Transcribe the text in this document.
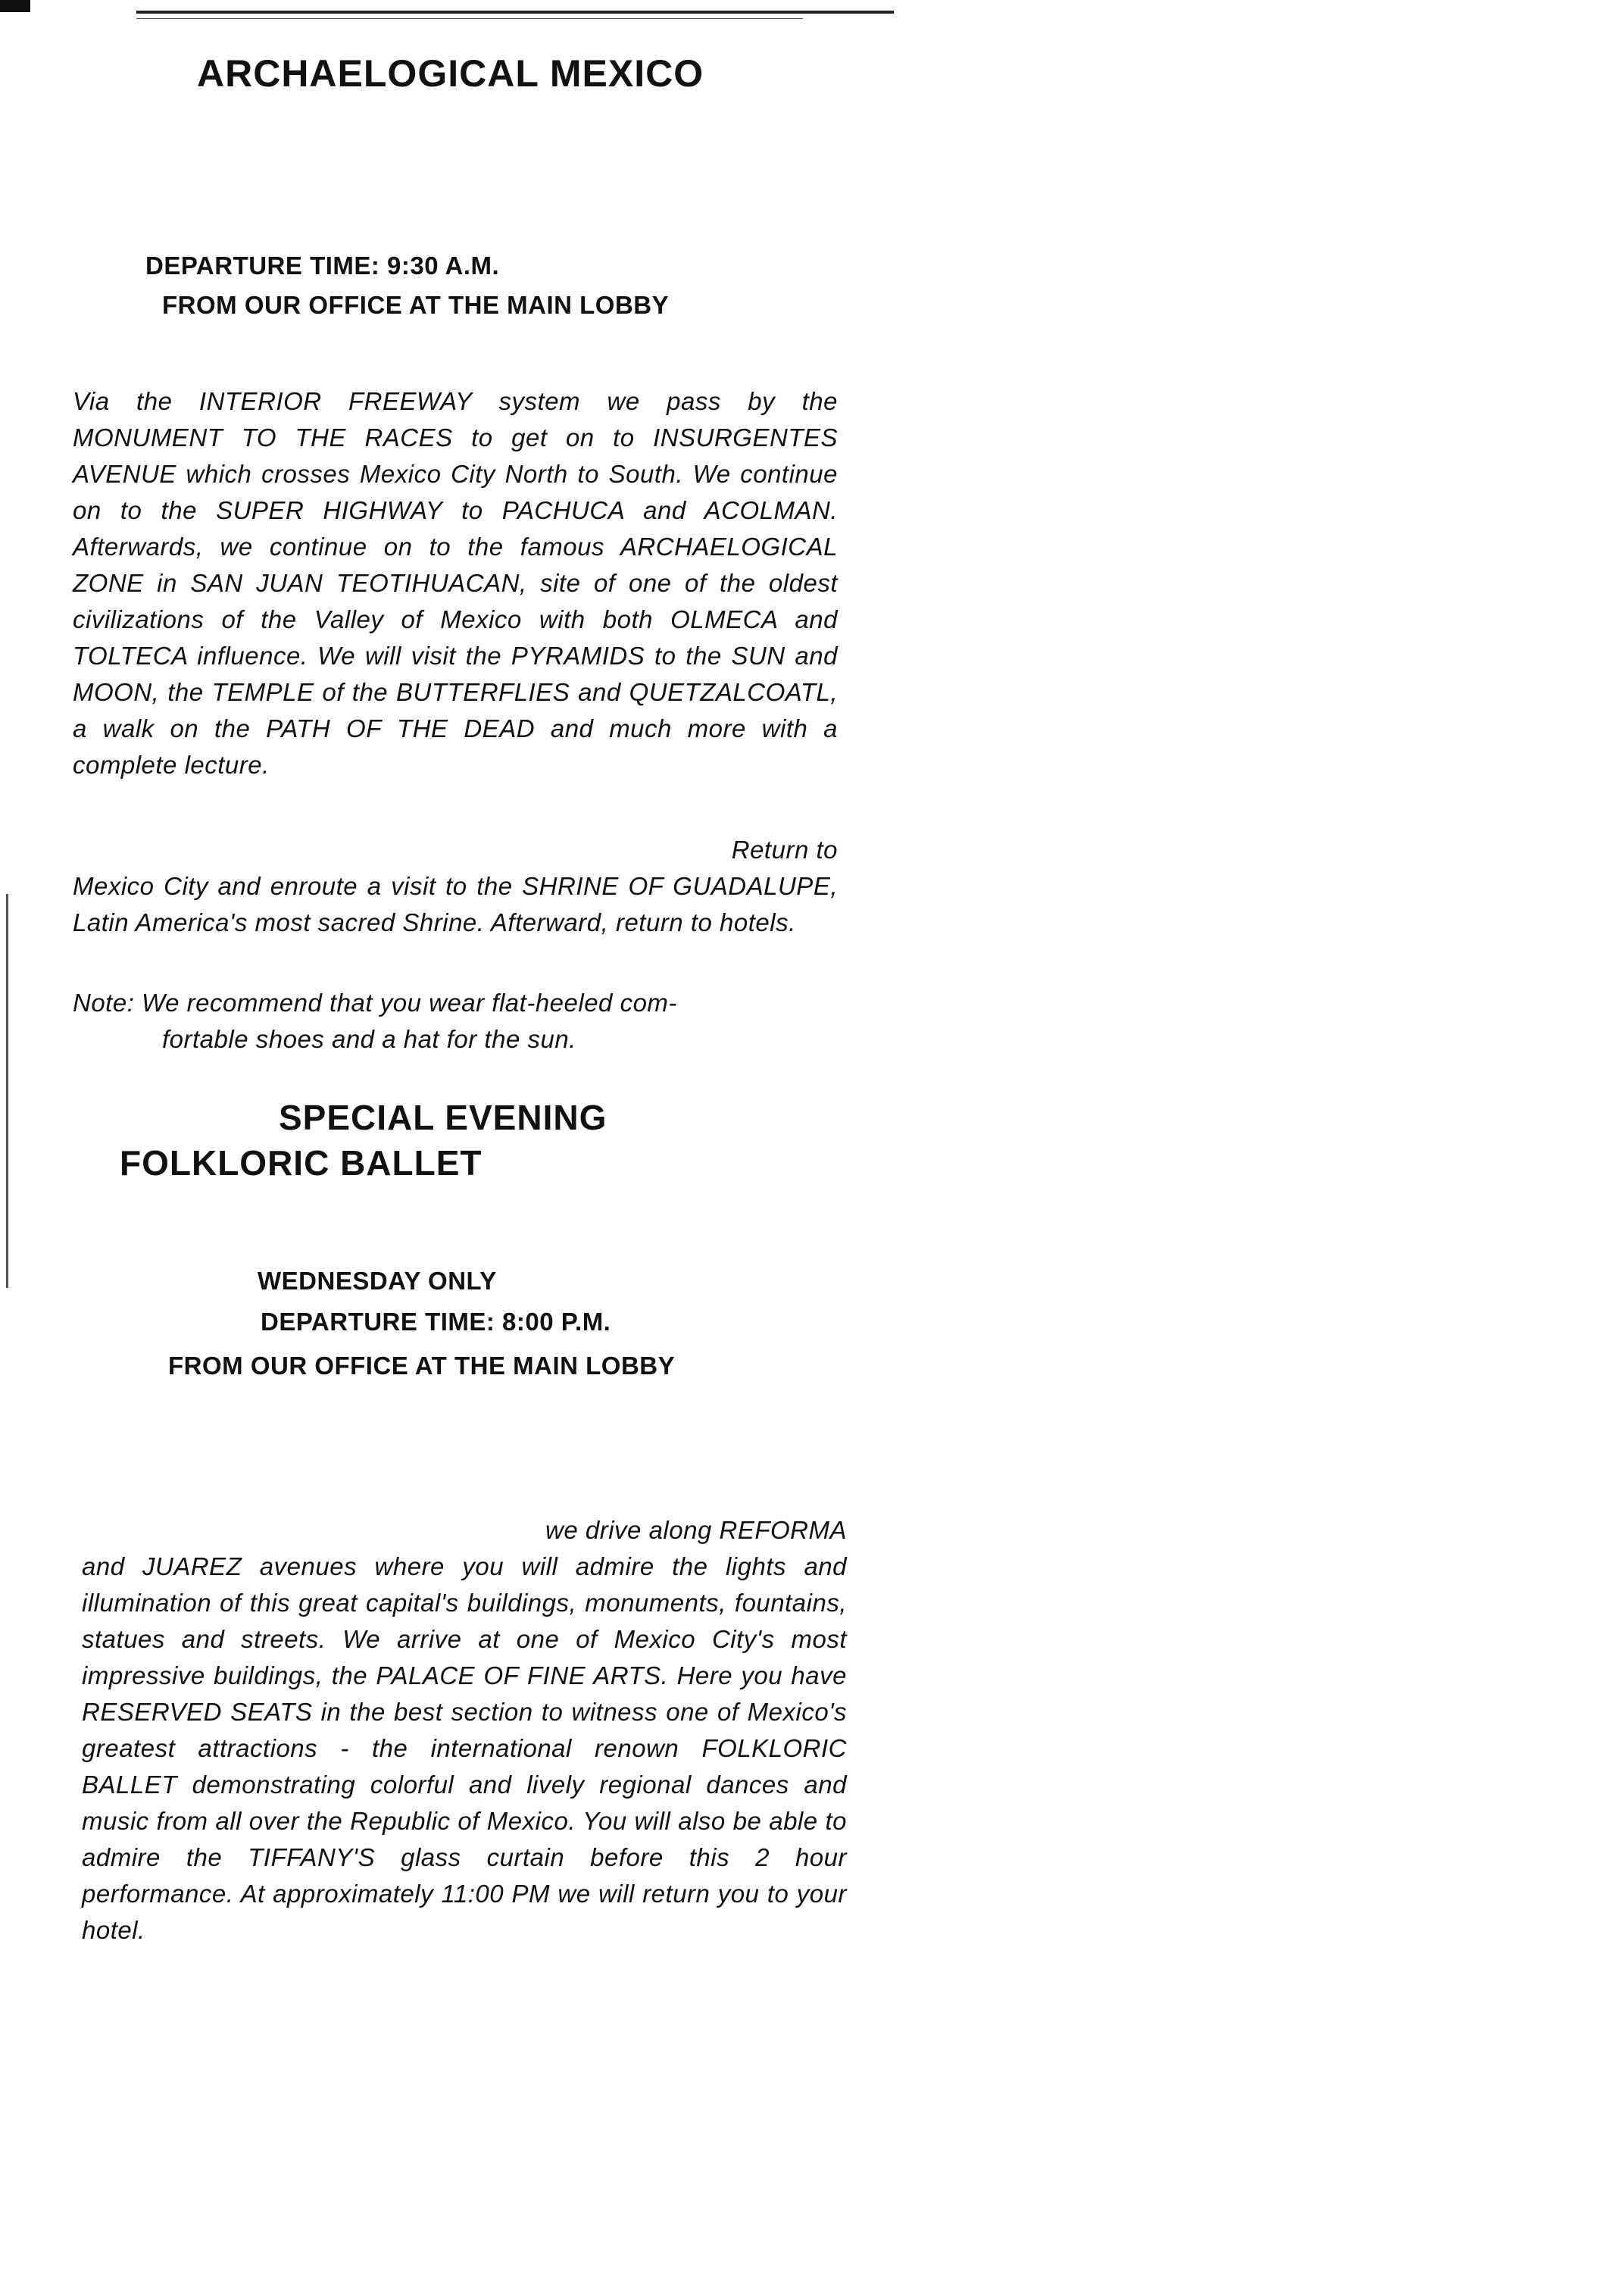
ARCHAELOGICAL MEXICO

DEPARTURE TIME: 9:30 A.M.

FROM OUR OFFICE AT THE MAIN LOBBY

Via the INTERIOR FREEWAY system we pass by the MONUMENT TO THE RACES to get on to INSURGENTES AVENUE which crosses Mexico City North to South. We continue on to the SUPER HIGHWAY to PACHUCA and ACOLMAN. Afterwards, we continue on to the famous ARCHAELOGICAL ZONE in SAN JUAN TEOTIHUACAN, site of one of the oldest civilizations of the Valley of Mexico with both OLMECA and TOLTECA influence. We will visit the PYRAMIDS to the SUN and MOON, the TEMPLE of the BUTTERFLIES and QUETZALCOATL, a walk on the PATH OF THE DEAD and much more with a complete lecture.

Return to
Mexico City and enroute a visit to the SHRINE OF GUADALUPE, Latin America's most sacred Shrine. Afterward, return to hotels.

Note: We recommend that you wear flat-heeled com-
fortable shoes and a hat for the sun.

SPECIAL EVENING
FOLKLORIC BALLET

WEDNESDAY ONLY

DEPARTURE TIME: 8:00 P.M.

FROM OUR OFFICE AT THE MAIN LOBBY

we drive along REFORMA
and JUAREZ avenues where you will admire the lights and illumination of this great capital's buildings, monuments, fountains, statues and streets. We arrive at one of Mexico City's most impressive buildings, the PALACE OF FINE ARTS. Here you have RESERVED SEATS in the best section to witness one of Mexico's greatest attractions - the international renown FOLKLORIC BALLET demonstrating colorful and lively regional dances and music from all over the Republic of Mexico. You will also be able to admire the TIFFANY'S glass curtain before this 2 hour performance. At approximately 11:00 PM we will return you to your hotel.
